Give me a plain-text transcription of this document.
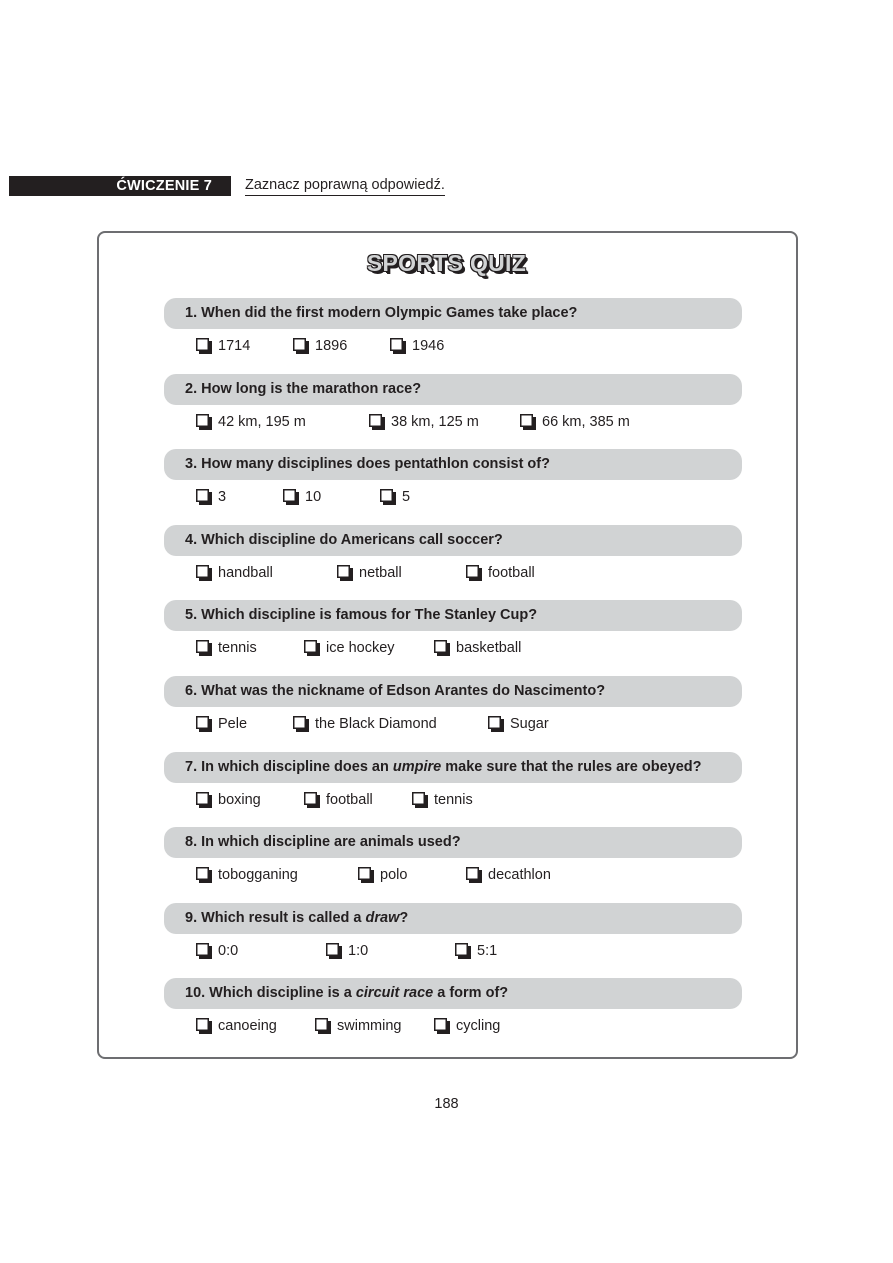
ĆWICZENIE 7 Zaznacz poprawną odpowiedź.
SPORTS QUIZ
1. When did the first modern Olympic Games take place?
1714	1896	1946
2. How long is the marathon race?
42 km, 195 m	38 km, 125 m	66 km, 385 m
3. How many disciplines does pentathlon consist of?
3	10	5
4. Which discipline do Americans call soccer?
handball	netball	football
5. Which discipline is famous for The Stanley Cup?
tennis	ice hockey	basketball
6. What was the nickname of Edson Arantes do Nascimento?
Pele	the Black Diamond	Sugar
7. In which discipline does an umpire make sure that the rules are obeyed?
boxing	football	tennis
8. In which discipline are animals used?
tobogganing	polo	decathlon
9. Which result is called a draw?
0:0	1:0	5:1
10. Which discipline is a circuit race a form of?
canoeing	swimming	cycling
188
